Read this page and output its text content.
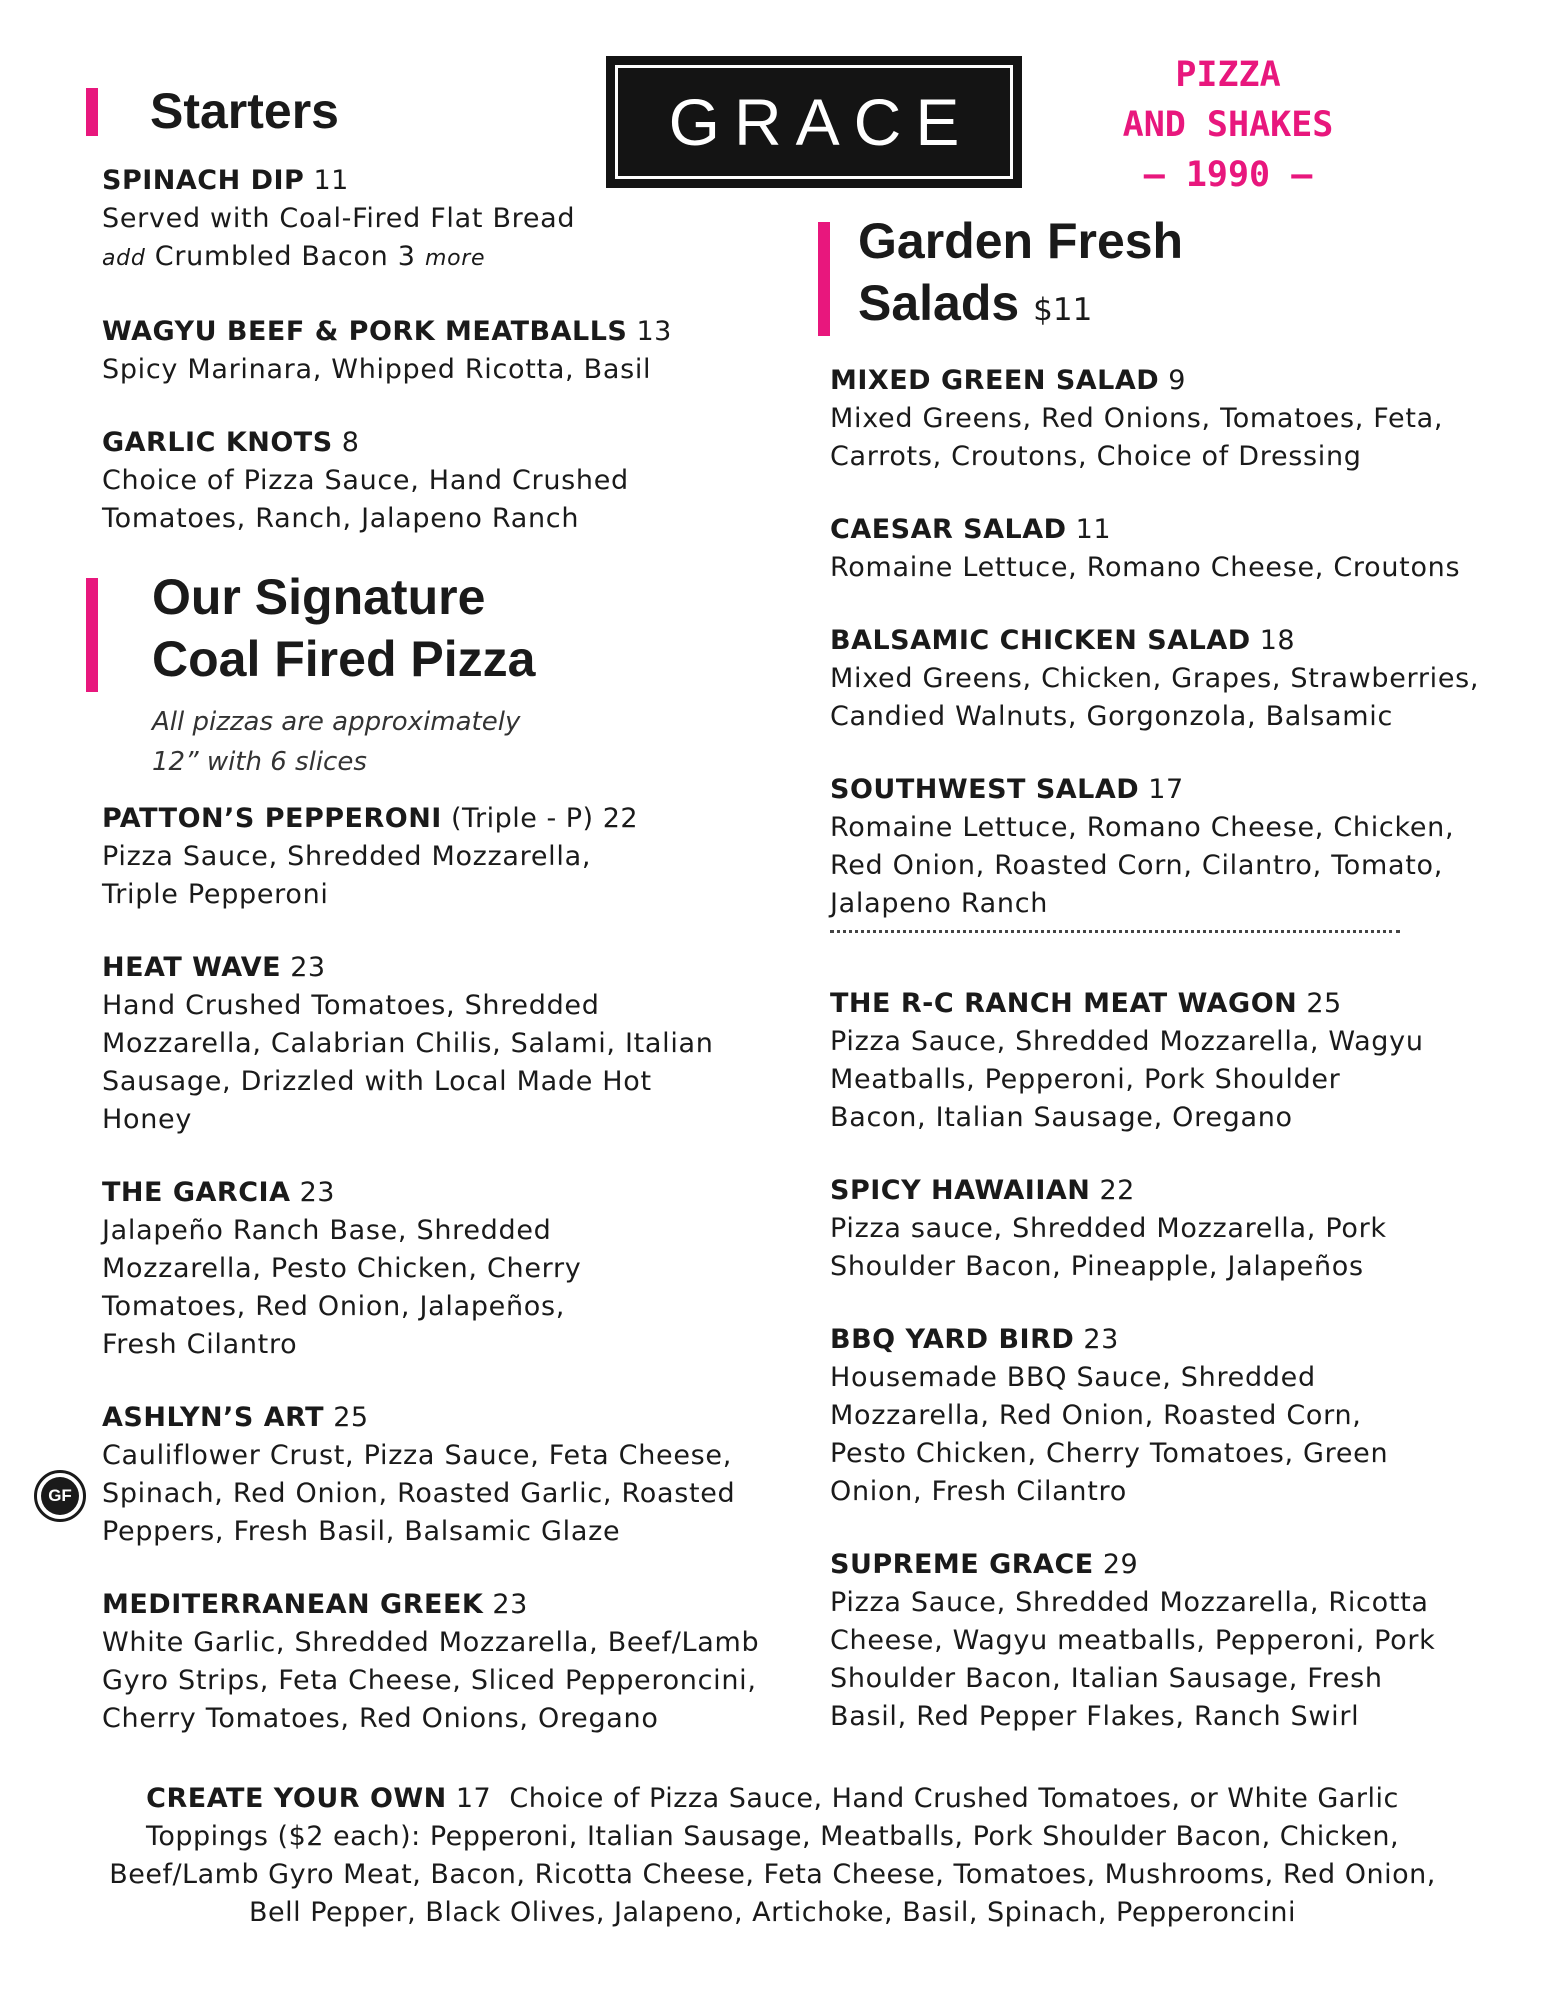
GRACE
PIZZA
AND SHAKES
— 1990 —
Starters
SPINACH DIP 11
Served with Coal-Fired Flat Bread
add Crumbled Bacon 3 more
WAGYU BEEF & PORK MEATBALLS 13
Spicy Marinara, Whipped Ricotta, Basil
GARLIC KNOTS 8
Choice of Pizza Sauce, Hand Crushed Tomatoes, Ranch, Jalapeno Ranch
Our Signature
Coal Fired Pizza
All pizzas are approximately
12” with 6 slices
PATTON’S PEPPERONI (Triple - P) 22
Pizza Sauce, Shredded Mozzarella, Triple Pepperoni
HEAT WAVE 23
Hand Crushed Tomatoes, Shredded Mozzarella, Calabrian Chilis, Salami, Italian Sausage, Drizzled with Local Made Hot Honey
THE GARCIA 23
Jalapeño Ranch Base, Shredded Mozzarella, Pesto Chicken, Cherry Tomatoes, Red Onion, Jalapeños, Fresh Cilantro
ASHLYN’S ART 25
Cauliflower Crust, Pizza Sauce, Feta Cheese, Spinach, Red Onion, Roasted Garlic, Roasted Peppers, Fresh Basil, Balsamic Glaze
MEDITERRANEAN GREEK 23
White Garlic, Shredded Mozzarella, Beef/Lamb Gyro Strips, Feta Cheese, Sliced Pepperoncini, Cherry Tomatoes, Red Onions, Oregano
GF
Garden Fresh
Salads $11
MIXED GREEN SALAD 9
Mixed Greens, Red Onions, Tomatoes, Feta, Carrots, Croutons, Choice of Dressing
CAESAR SALAD 11
Romaine Lettuce, Romano Cheese, Croutons
BALSAMIC CHICKEN SALAD 18
Mixed Greens, Chicken, Grapes, Strawberries, Candied Walnuts, Gorgonzola, Balsamic
SOUTHWEST SALAD 17
Romaine Lettuce, Romano Cheese, Chicken, Red Onion, Roasted Corn, Cilantro, Tomato, Jalapeno Ranch
THE R-C RANCH MEAT WAGON 25
Pizza Sauce, Shredded Mozzarella, Wagyu Meatballs, Pepperoni, Pork Shoulder Bacon, Italian Sausage, Oregano
SPICY HAWAIIAN 22
Pizza sauce, Shredded Mozzarella, Pork Shoulder Bacon, Pineapple, Jalapeños
BBQ YARD BIRD 23
Housemade BBQ Sauce, Shredded Mozzarella, Red Onion, Roasted Corn, Pesto Chicken, Cherry Tomatoes, Green Onion, Fresh Cilantro
SUPREME GRACE 29
Pizza Sauce, Shredded Mozzarella, Ricotta Cheese, Wagyu meatballs, Pepperoni, Pork Shoulder Bacon, Italian Sausage, Fresh Basil, Red Pepper Flakes, Ranch Swirl
CREATE YOUR OWN 17 Choice of Pizza Sauce, Hand Crushed Tomatoes, or White Garlic
Toppings ($2 each): Pepperoni, Italian Sausage, Meatballs, Pork Shoulder Bacon, Chicken,
Beef/Lamb Gyro Meat, Bacon, Ricotta Cheese, Feta Cheese, Tomatoes, Mushrooms, Red Onion,
Bell Pepper, Black Olives, Jalapeno, Artichoke, Basil, Spinach, Pepperoncini
